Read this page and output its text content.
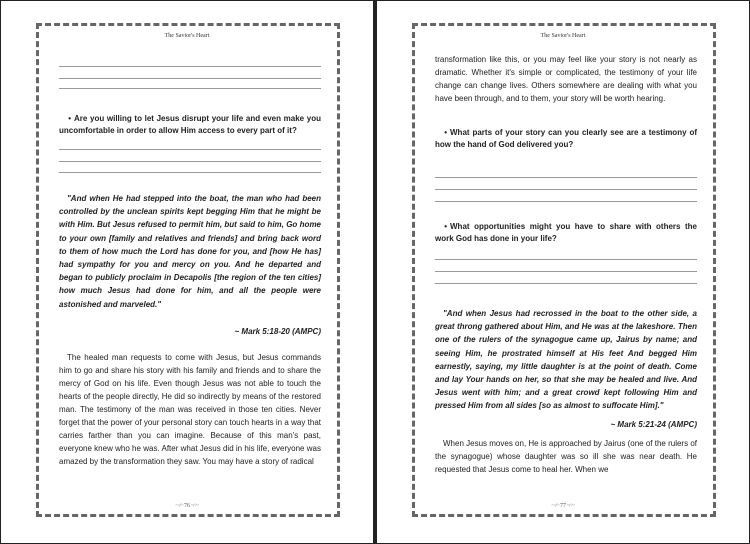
The Savior's Heart
• Are you willing to let Jesus disrupt your life and even make you uncomfortable in order to allow Him access to every part of it?
"And when He had stepped into the boat, the man who had been controlled by the unclean spirits kept begging Him that he might be with Him. But Jesus refused to permit him, but said to him, Go home to your own [family and relatives and friends] and bring back word to them of how much the Lord has done for you, and [how He has] had sympathy for you and mercy on you. And he departed and began to publicly proclaim in Decapolis [the region of the ten cities] how much Jesus had done for him, and all the people were astonished and marveled."
~ Mark 5:18-20 (AMPC)
The healed man requests to come with Jesus, but Jesus commands him to go and share his story with his family and friends and to share the mercy of God on his life. Even though Jesus was not able to touch the hearts of the people directly, He did so indirectly by means of the restored man. The testimony of the man was received in those ten cities. Never forget that the power of your personal story can touch hearts in a way that carries farther than you can imagine. Because of this man's past, everyone knew who he was. After what Jesus did in his life, everyone was amazed by the transformation they saw. You may have a story of radical
~·⁄~ 76 ~⁄·~
The Savior's Heart
transformation like this, or you may feel like your story is not nearly as dramatic. Whether it's simple or complicated, the testimony of your life change can change lives. Others somewhere are dealing with what you have been through, and to them, your story will be worth hearing.
• What parts of your story can you clearly see are a testimony of how the hand of God delivered you?
• What opportunities might you have to share with others the work God has done in your life?
"And when Jesus had recrossed in the boat to the other side, a great throng gathered about Him, and He was at the lakeshore. Then one of the rulers of the synagogue came up, Jairus by name; and seeing Him, he prostrated himself at His feet And begged Him earnestly, saying, my little daughter is at the point of death. Come and lay Your hands on her, so that she may be healed and live. And Jesus went with him; and a great crowd kept following Him and pressed Him from all sides [so as almost to suffocate Him]."
~ Mark 5:21-24 (AMPC)
When Jesus moves on, He is approached by Jairus (one of the rulers of the synagogue) whose daughter was so ill she was near death. He requested that Jesus come to heal her. When we
~·⁄~ 77 ~⁄·~
